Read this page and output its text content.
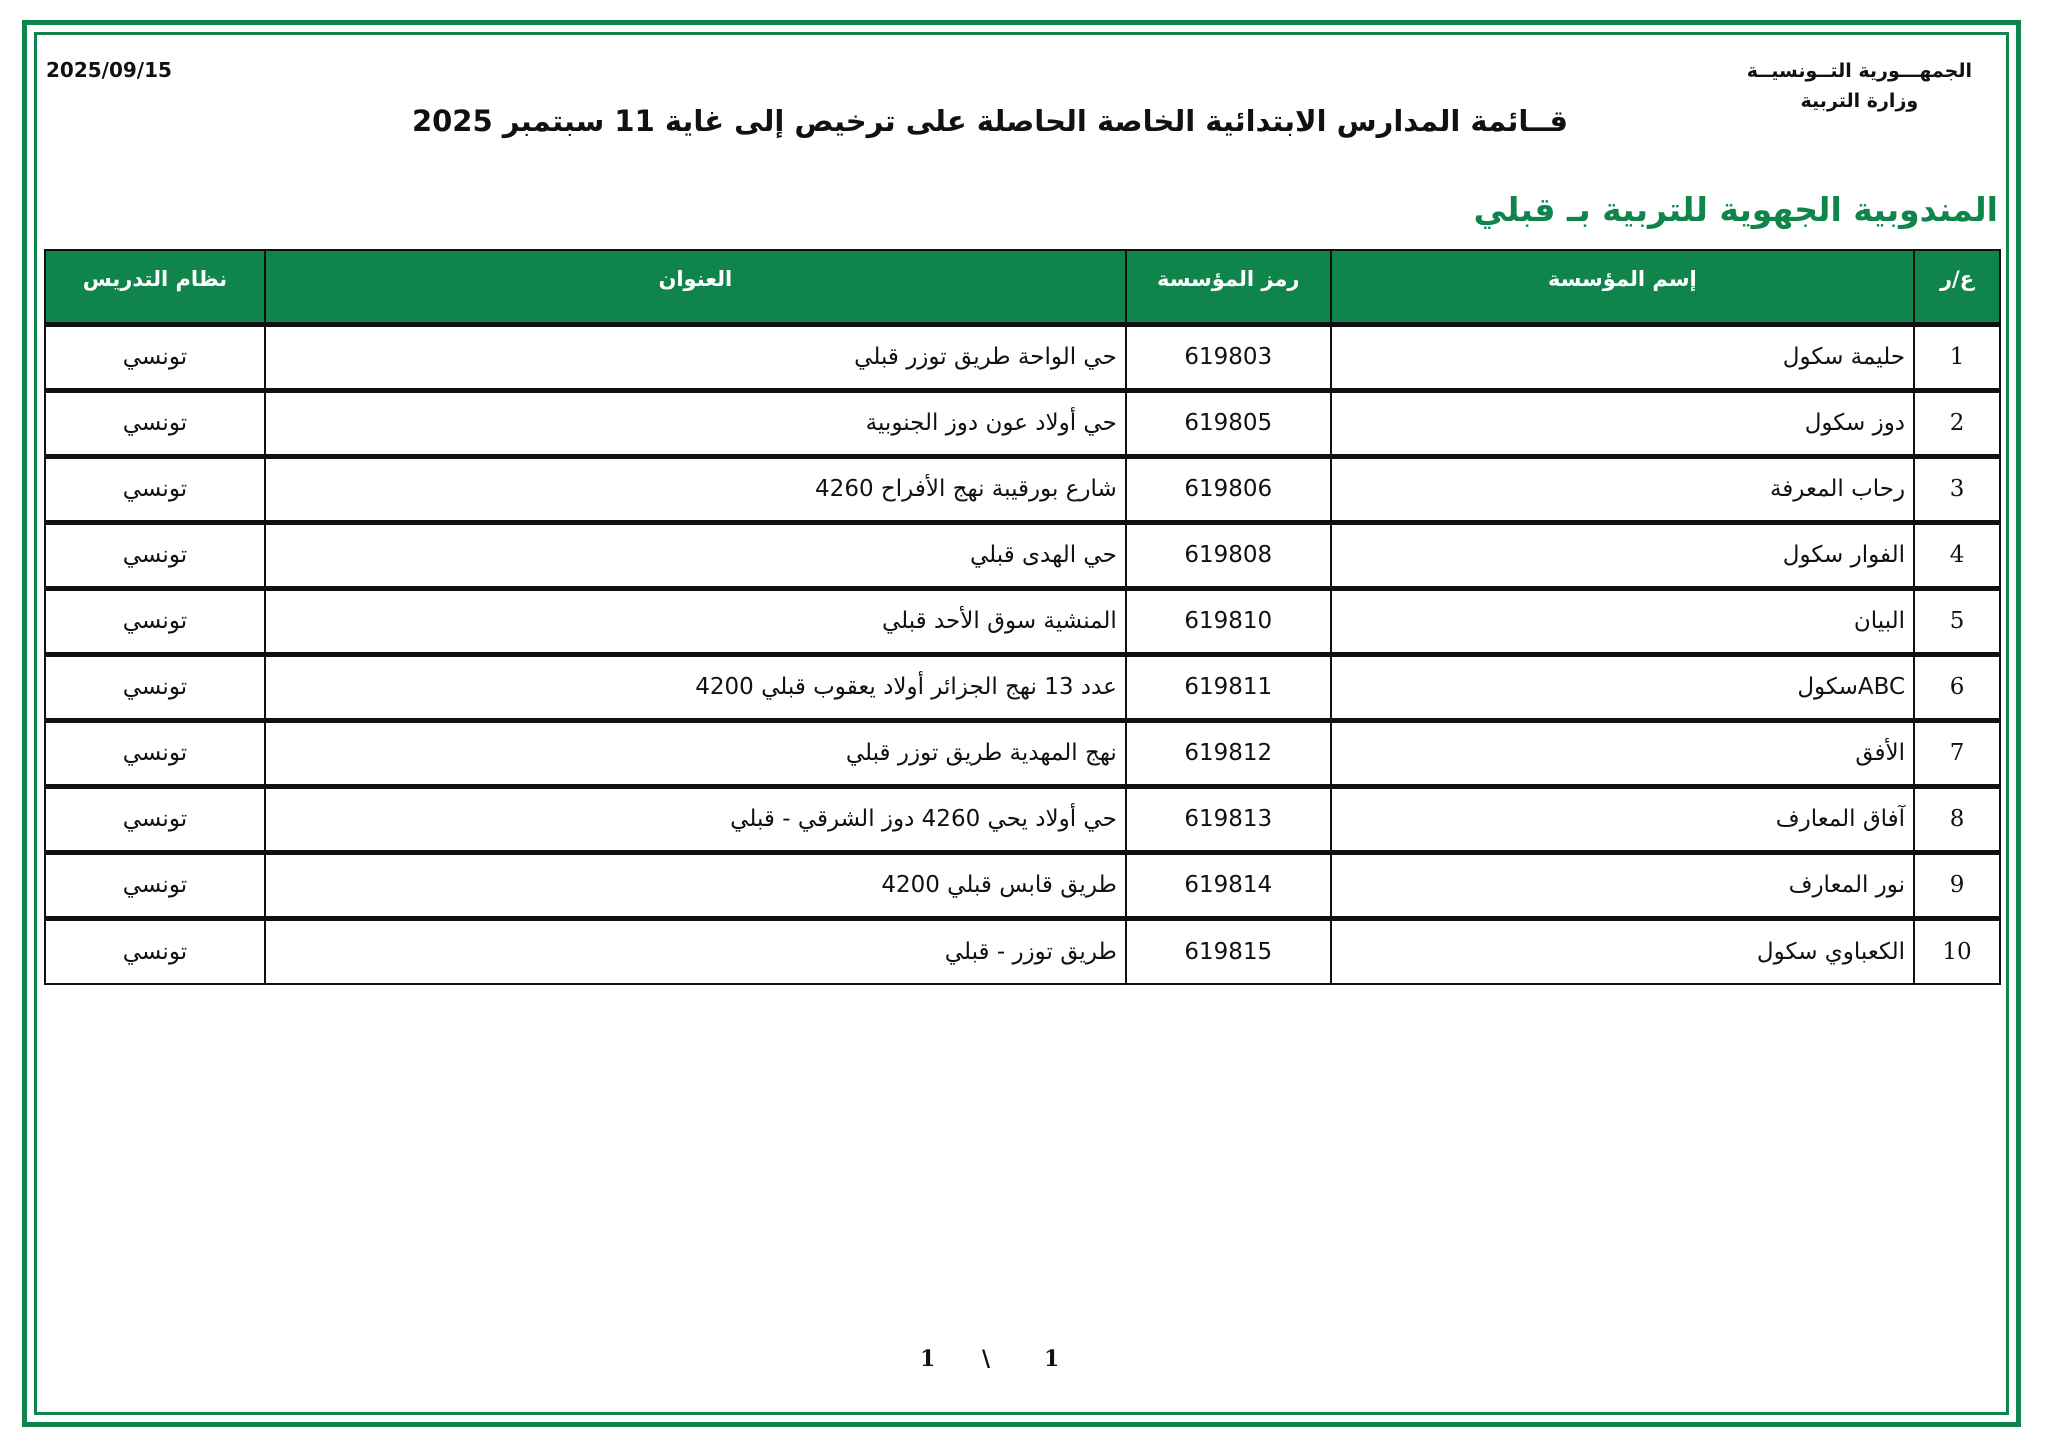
الجمهـــورية التــونسيــة
وزارة التربية
2025/09/15
قــائمة المدارس الابتدائية الخاصة الحاصلة على ترخيص إلى غاية 11 سبتمبر 2025
المندوبية الجهوية للتربية بـ قبلي
ع/ر	إسم المؤسسة	رمز المؤسسة	العنوان	نظام التدريس
1	حليمة سكول	619803	حي الواحة طريق توزر قبلي	تونسي
2	دوز سكول	619805	حي أولاد عون دوز الجنوبية	تونسي
3	رحاب المعرفة	619806	شارع بورقيبة نهج الأفراح 4260	تونسي
4	الفوار سكول	619808	حي الهدى قبلي	تونسي
5	البيان	619810	المنشية سوق الأحد قبلي	تونسي
6	ABCسكول	619811	عدد 13 نهج الجزائر أولاد يعقوب قبلي 4200	تونسي
7	الأفق	619812	نهج المهدية طريق توزر قبلي	تونسي
8	آفاق المعارف	619813	حي أولاد يحي 4260 دوز الشرقي - قبلي	تونسي
9	نور المعارف	619814	طريق قابس قبلي 4200	تونسي
10	الكعباوي سكول	619815	طريق توزر - قبلي	تونسي
1 \ 1
